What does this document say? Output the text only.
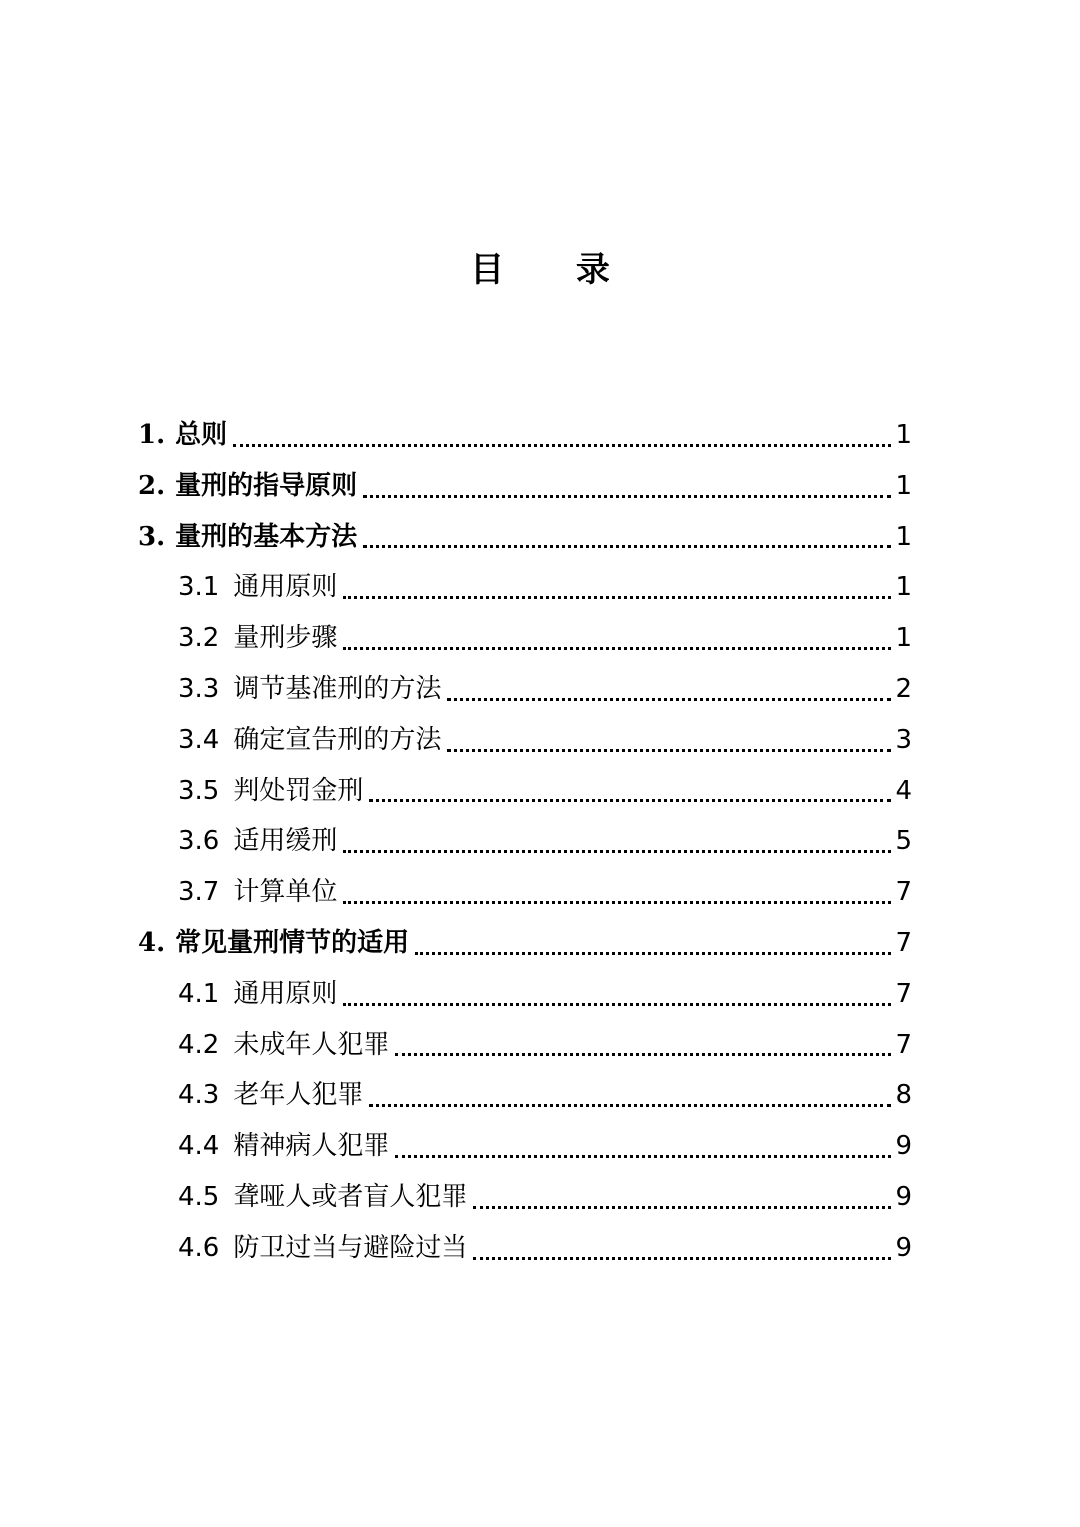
目 录
1. 总则	1
2. 量刑的指导原则	1
3. 量刑的基本方法	1
3.1 通用原则	1
3.2 量刑步骤	1
3.3 调节基准刑的方法	2
3.4 确定宣告刑的方法	3
3.5 判处罚金刑	4
3.6 适用缓刑	5
3.7 计算单位	7
4. 常见量刑情节的适用	7
4.1 通用原则	7
4.2 未成年人犯罪	7
4.3 老年人犯罪	8
4.4 精神病人犯罪	9
4.5 聋哑人或者盲人犯罪	9
4.6 防卫过当与避险过当	9
